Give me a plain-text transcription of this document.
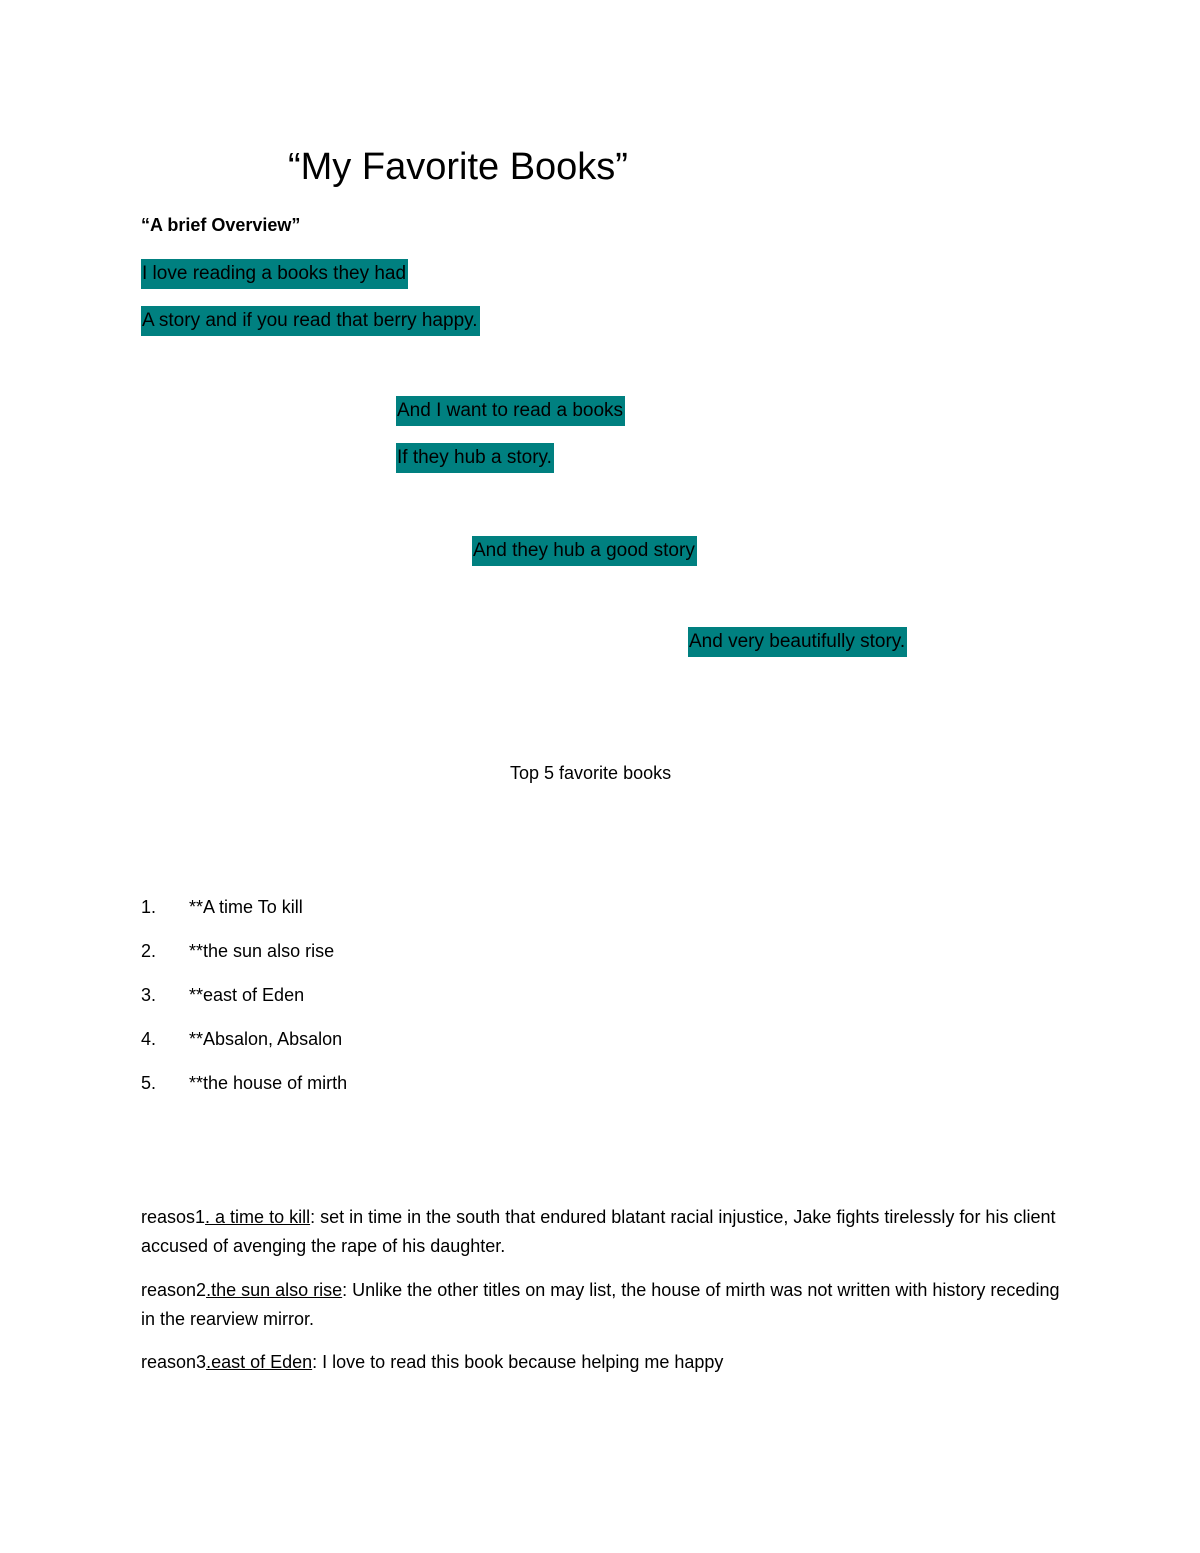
“My Favorite Books”
“A brief Overview”
I love reading a books they had
A story and if you read that berry happy.
And I want to read a books
If they hub a story.
And they hub a good story
And very beautifully story.
Top 5 favorite books
1. **A time To kill
2. **the sun also rise
3. **east of Eden
4. **Absalon, Absalon
5. **the house of mirth
reasos1. a time to kill: set in time in the south that endured blatant racial injustice, Jake fights tirelessly for his client accused of avenging the rape of his daughter.
reason2.the sun also rise: Unlike the other titles on may list, the house of mirth was not written with history receding in the rearview mirror.
reason3.east of Eden: I love to read this book because helping me happy
